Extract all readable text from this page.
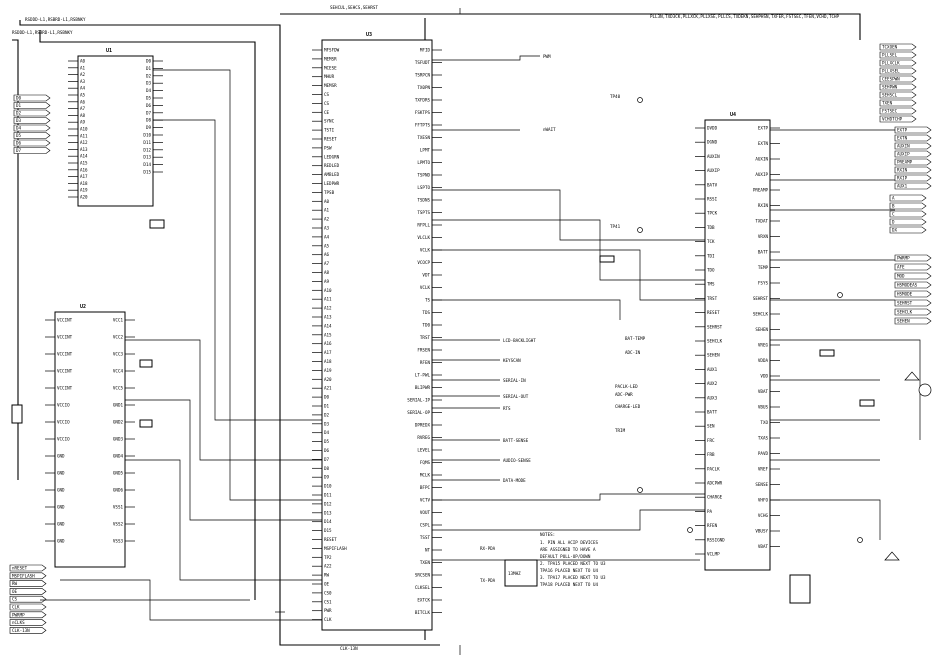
RSDDD-L1,RSBRD-L1,RSBNKY
SEHCUL,SEHCS,SEHRST
RSDDD-L1,RSBRD-L1,RSBNKY
PLL3N,TXD3CK,PLLXCK,PLLXSE,PLLCS,TXDEKN,SEHPHSN,TXFER,FSTSEC,TFEN,VCHD,TCHP
CLK-13N
U1
U2
U3
U4
A0
A1
A2
A3
A4
A5
A6
A7
A8
A9
A10
A11
A12
A13
A14
A15
A16
A17
A18
A19
A20
D0
D1
D2
D3
D4
D5
D6
D7
D8
D9
D10
D11
D12
D13
D14
D15
VCCINT
VCCINT
VCCINT
VCCINT
VCCINT
VCCIO
VCCIO
VCCIO
GND
GND
GND
GND
GND
GND
VCC1
VCC2
VCC3
VCC4
VCC5
GND1
GND2
GND3
GND4
GND5
GND6
VSS1
VSS2
VSS3
MFSFDW
MEMSR
MCESE
MHUR
MEMSR
CS
CS
CE
SYNC
TSTI
RESET
PSW
LEDGRN
REDLED
AMBLED
LEDPWR
TPSB
A0
A1
A2
A3
A4
A5
A6
A7
A8
A9
A10
A11
A12
A13
A14
A15
A16
A17
A18
A19
A20
A21
D0
D1
D2
D3
D4
D5
D6
D7
D8
D9
D10
D11
D12
D13
D14
D15
RESET
MSPIFLASH
TP2
A22
RW
OE
CS0
CS1
PWR
CLK
MFID
TSFUDT
TSRPCN
TX0PN
TXFDRS
FSKTPS
FFTPTS
TXESN
LPMT
LPMTO
TSPND
LSPTO
TSDNS
TSPTS
RFPLL
VLCLK
VCLK
VCOCP
VDT
VCLK
TS
TDS
TD0
TRST
FRSEN
RFEN
LT-PWL
BLIPWR
SERIAL-IP
SERIAL-OP
DPREDX
RVREG
LEVEL
FQMS
MCLK
BFPC
VCTV
VOUT
CSPL
TSST
NT
TXEN
SRCSEN
CLKSEL
EXTCK
BITCLK
DVDD
DGND
AUXIN
AUXIP
BATV
RSSI
TPCK
TDB
TCK
TDI
TDO
TMS
TRST
RESET
SEHRST
SEHCLK
SEHEN
AUX1
AUX2
AUX3
BATT
SEN
FRC
FRB
PACLK
ADCPWR
CHARGE
PA
RFEN
RSSIGND
VCLMP
EXTP
EXTN
AUXIN
AUXIP
PREAMP
RXIN
TXDAT
VRXN
BATT
TEMP
FSYS
SEHRST
SEHCLK
SEHEN
VREG
VDDA
VDD
VBAT
VBUS
TXO
TXAS
PAVD
VREF
SENSE
VHFO
VCHG
VBUSY
VBAT
TCXOEN
PLLSEL
PLLXCLK
PLLXSEL
CEESPWN
SEHPWN
SEHSCL
TXEN
FSTSEC
VCHDTCHP
EXTP
EXTN
AUXIN
AUXIP
PREAMP
RXIN
RXIP
AUX1
A
B
C
D
DX
PWRMP
AFE
MOD
HSMODEAS
HSMODE
SEHRST
SEHCLK
SEHEN
D0
D1
D2
D3
D4
D5
D6
D7
nRESET
MSPIFLASH
RW
OE
CS
CLK
PWRMP
nCLKS
CLK-13N
PWM
nWAIT
TP40
TP41
LCD-BACKLIGHT
KEYSCAN
SERIAL-IN
SERIAL-OUT
RTS
BATT-SENSE
AUDIO-SENSE
DATA-MODE
PACLK-LED
ADC-PWR
CHARGE-LED
RX-PDA
TX-PDA
BAT-TEMP
ADC-IN
TRIM
13MHZ
NOTES:
1. PIN ALL ACIP DEVICES
ARE ASSIGNED TO HAVE A
DEFAULT PULL-UP/DOWN
2. TPA15 PLACED NEXT TO U3
TPA16 PLACED NEXT TO U4
3. TPA17 PLACED NEXT TO U3
TPA18 PLACED NEXT TO U4
